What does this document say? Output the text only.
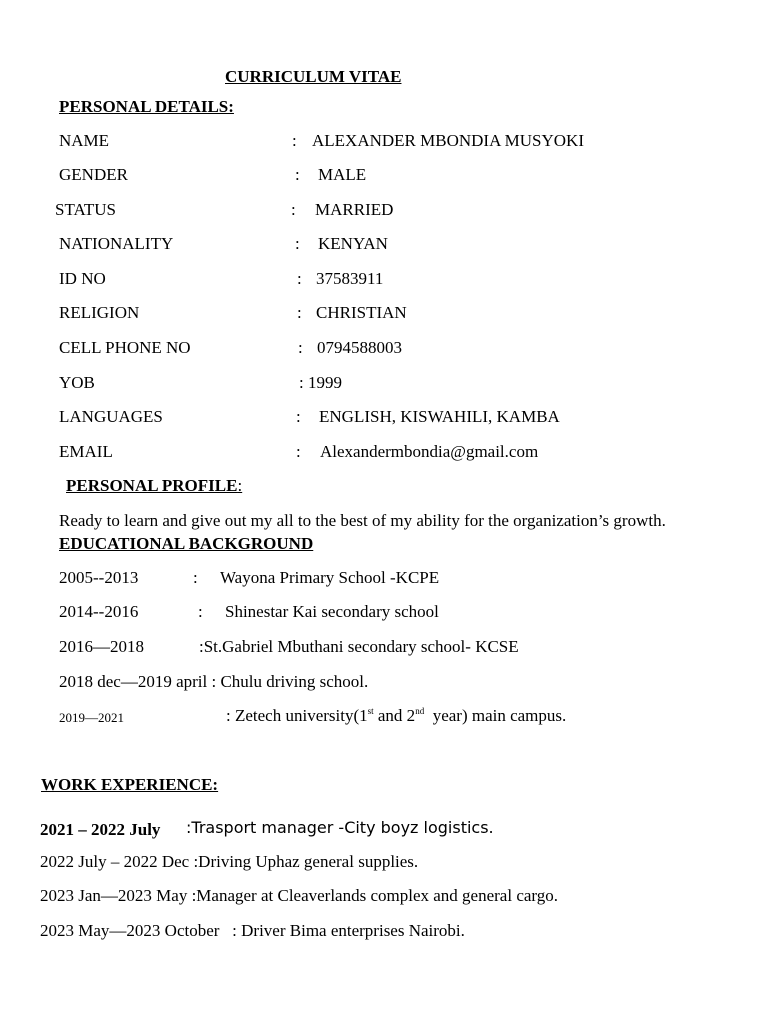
CURRICULUM VITAE
PERSONAL DETAILS:
NAME	: ALEXANDER MBONDIA MUSYOKI
GENDER	: MALE
STATUS	: MARRIED
NATIONALITY	: KENYAN
ID NO	: 37583911
RELIGION	: CHRISTIAN
CELL PHONE NO	: 0794588003
YOB	: 1999
LANGUAGES	: ENGLISH, KISWAHILI, KAMBA
EMAIL	: Alexandermbondia@gmail.com
PERSONAL PROFILE:
Ready to learn and give out my all to the best of my ability for the organization’s growth.
EDUCATIONAL BACKGROUND
2005--2013	: Wayona Primary School -KCPE
2014--2016	: Shinestar Kai secondary school
2016—2018	:St.Gabriel Mbuthani secondary school- KCSE
2018 dec—2019 april : Chulu driving school.
2019—2021	: Zetech university(1st and 2nd  year) main campus.
WORK EXPERIENCE:
2021 – 2022 July :Trasport manager -City boyz logistics.
2022 July – 2022 Dec :Driving Uphaz general supplies.
2023 Jan—2023 May :Manager at Cleaverlands complex and general cargo.
2023 May—2023 October   : Driver Bima enterprises Nairobi.
